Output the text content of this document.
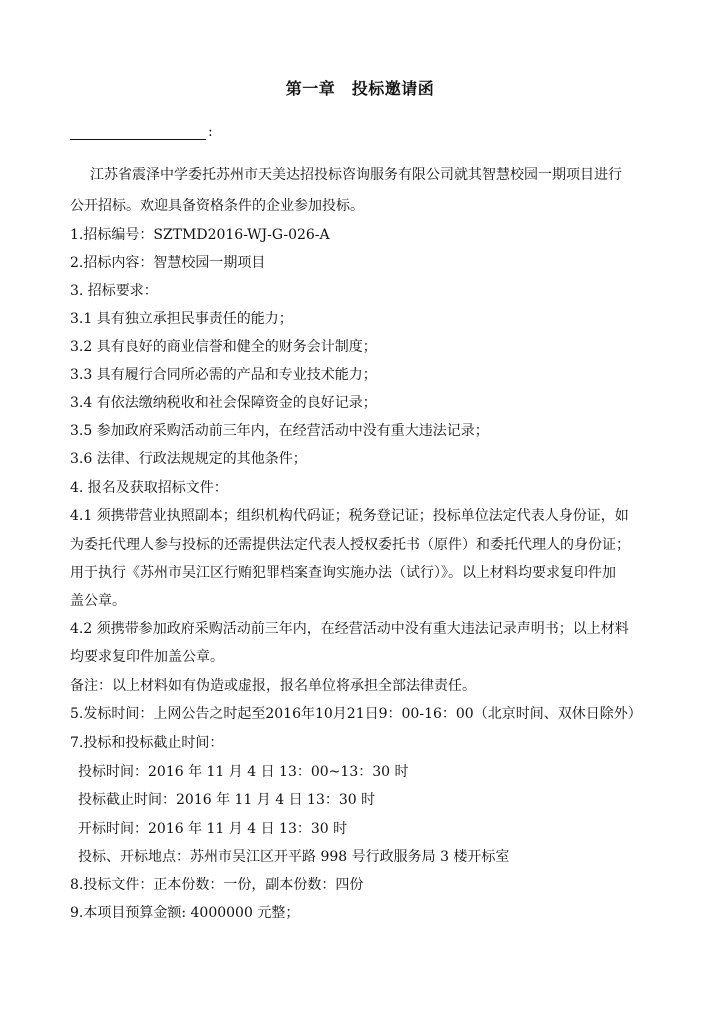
第一章　投标邀请函
:
江苏省震泽中学委托苏州市天美达招投标咨询服务有限公司就其智慧校园一期项目进行
公开招标。欢迎具备资格条件的企业参加投标。
1.招标编号：SZTMD2016-WJ-G-026-A
2.招标内容：智慧校园一期项目
3. 招标要求：
3.1 具有独立承担民事责任的能力；
3.2 具有良好的商业信誉和健全的财务会计制度；
3.3 具有履行合同所必需的产品和专业技术能力；
3.4 有依法缴纳税收和社会保障资金的良好记录；
3.5 参加政府采购活动前三年内，在经营活动中没有重大违法记录；
3.6 法律、行政法规规定的其他条件；
4. 报名及获取招标文件：
4.1 须携带营业执照副本；组织机构代码证；税务登记证；投标单位法定代表人身份证，如
为委托代理人参与投标的还需提供法定代表人授权委托书（原件）和委托代理人的身份证；
用于执行《苏州市吴江区行贿犯罪档案查询实施办法（试行）》。以上材料均要求复印件加
盖公章。
4.2 须携带参加政府采购活动前三年内，在经营活动中没有重大违法记录声明书；以上材料
均要求复印件加盖公章。
备注：以上材料如有伪造或虚报，报名单位将承担全部法律责任。
5.发标时间：上网公告之时起至2016年10月21日9：00-16：00（北京时间、双休日除外）
7.投标和投标截止时间：
投标时间：2016 年 11 月 4 日 13：00~13：30 时
投标截止时间：2016 年 11 月 4 日 13：30 时
开标时间：2016 年 11 月 4 日 13：30 时
投标、开标地点：苏州市吴江区开平路 998 号行政服务局 3 楼开标室
8.投标文件：正本份数：一份，副本份数：四份
9.本项目预算金额: 4000000 元整；
